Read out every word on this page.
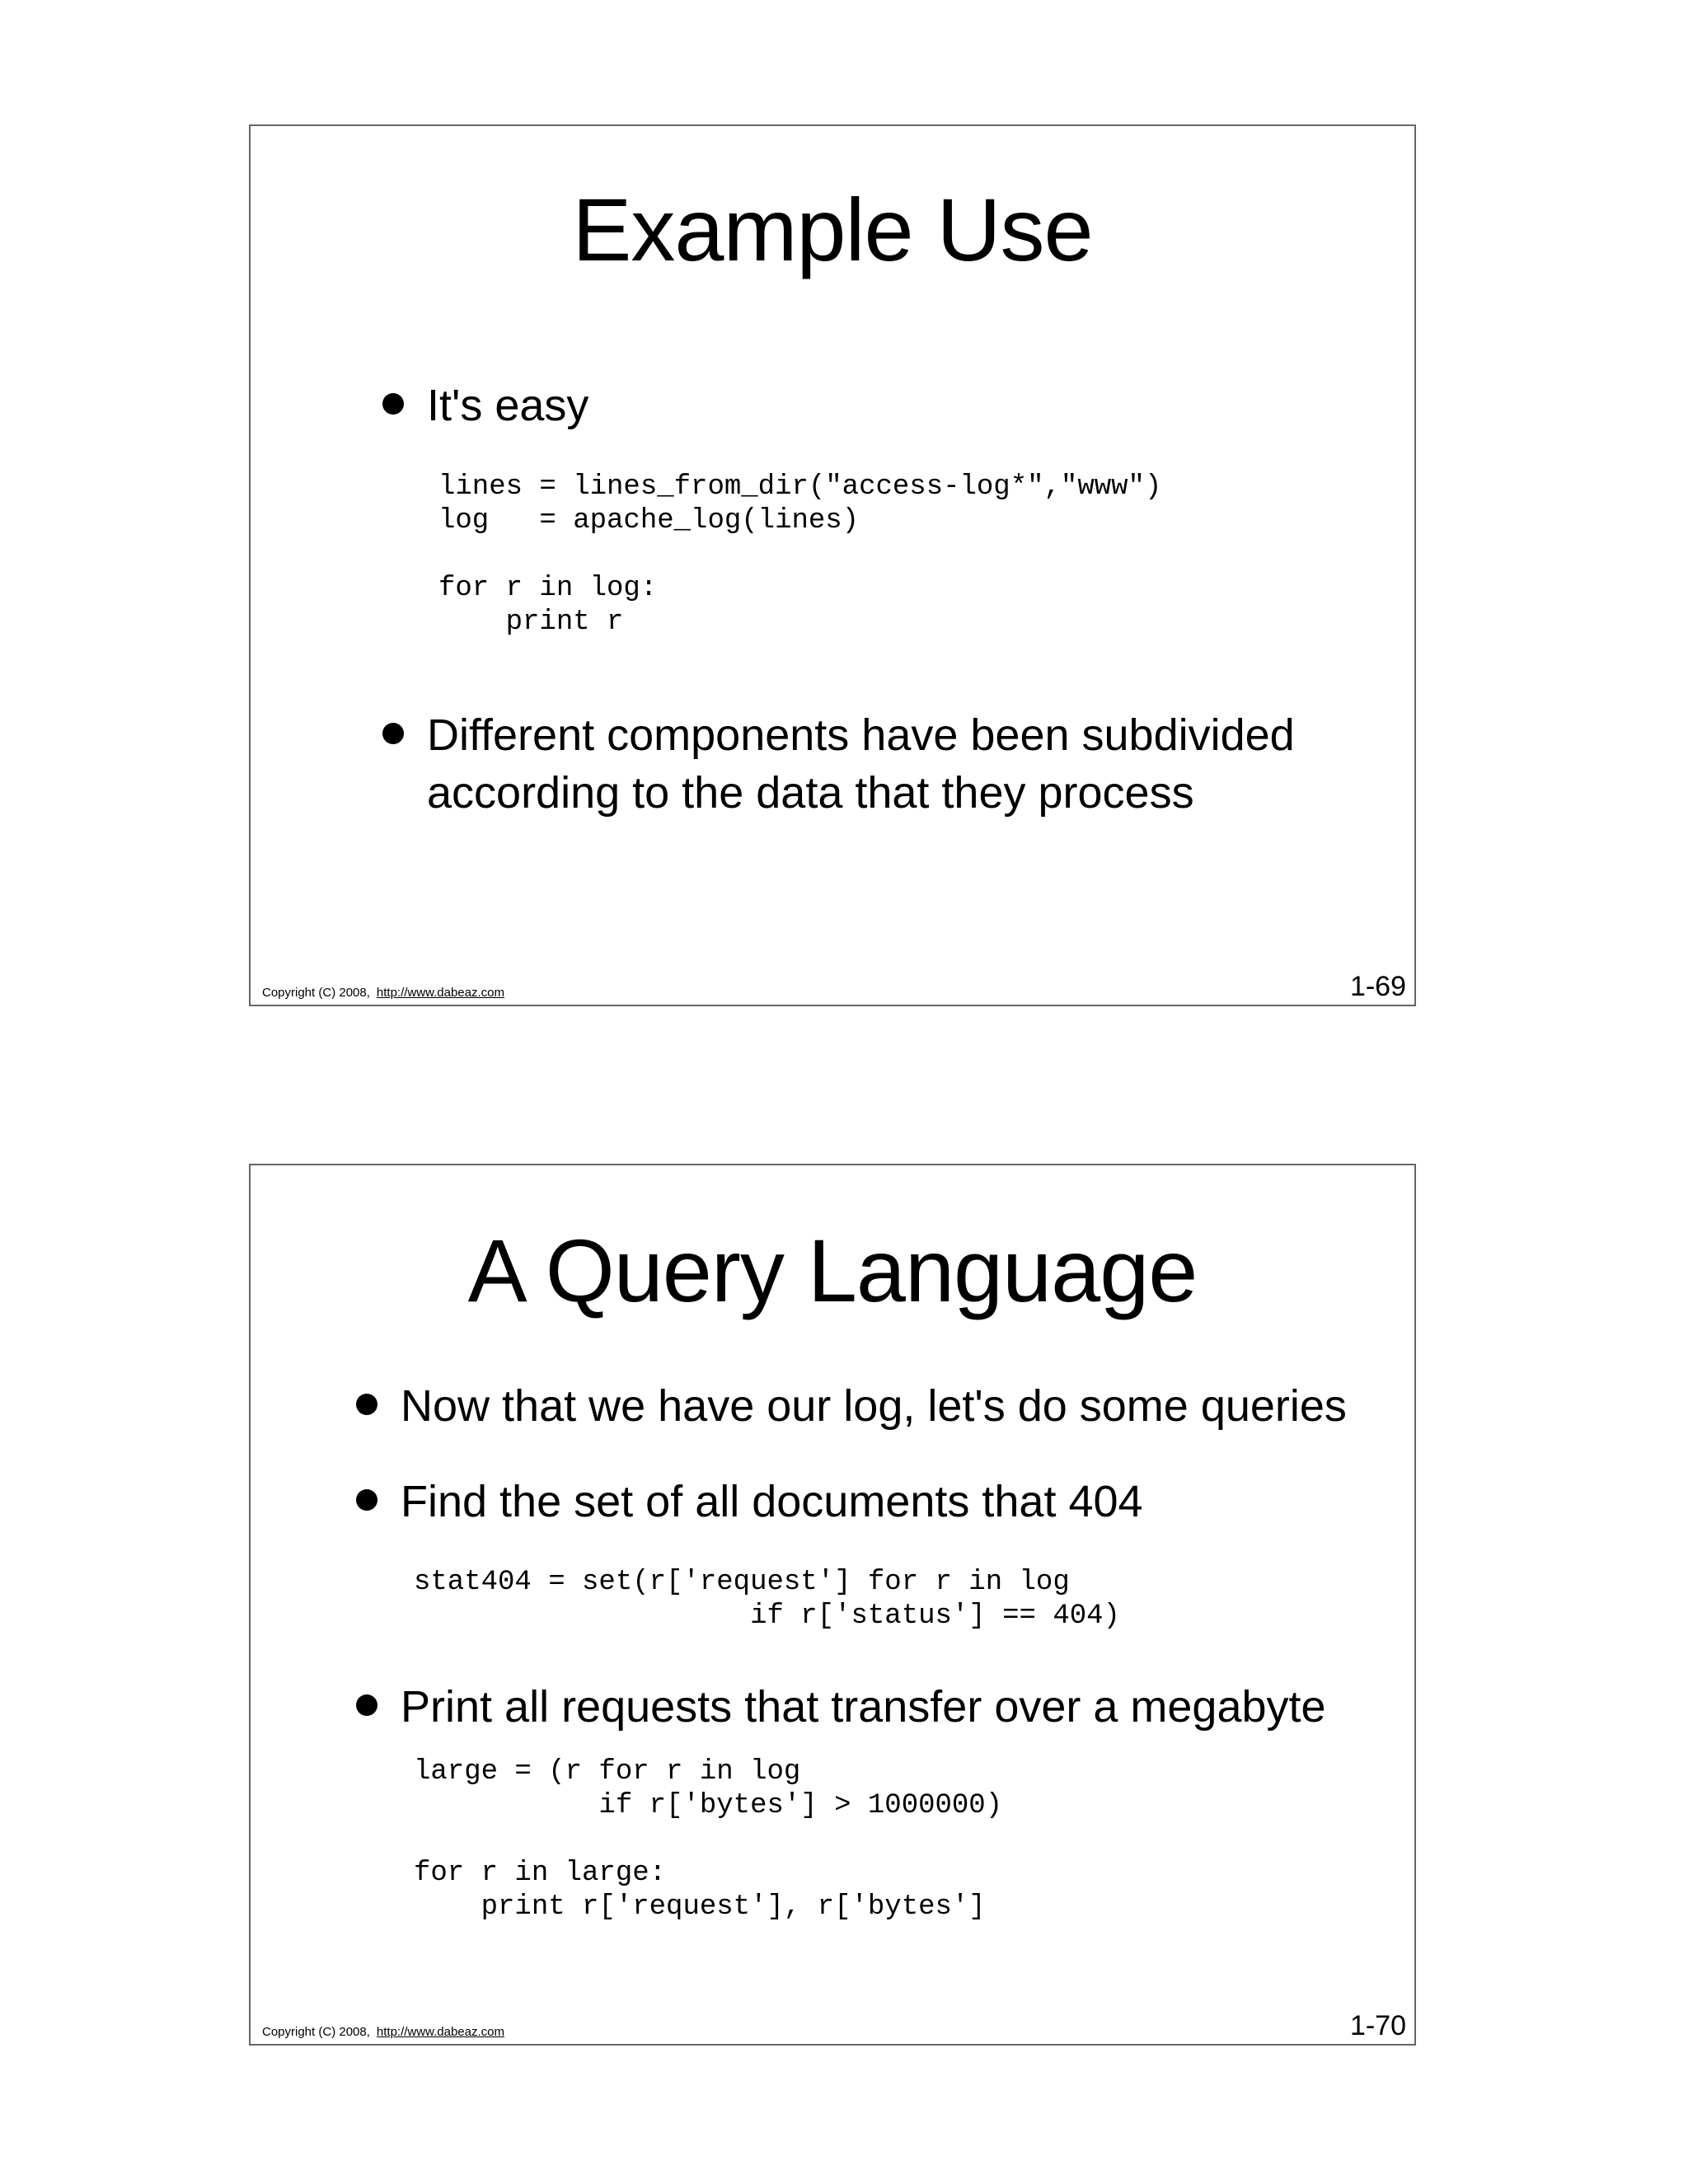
Example Use
It's easy
lines = lines_from_dir("access-log*","www")
log   = apache_log(lines)
for r in log:
print r
Different components have been subdivided according to the data that they process
Copyright (C) 2008, http://www.dabeaz.com	1-69
A Query Language
Now that we have our log, let's do some queries
Find the set of all documents that 404
stat404 = set(r['request'] for r in log
if r['status'] == 404)
Print all requests that transfer over a megabyte
large = (r for r in log
if r['bytes'] > 1000000)
for r in large:
print r['request'], r['bytes']
Copyright (C) 2008, http://www.dabeaz.com	1-70
